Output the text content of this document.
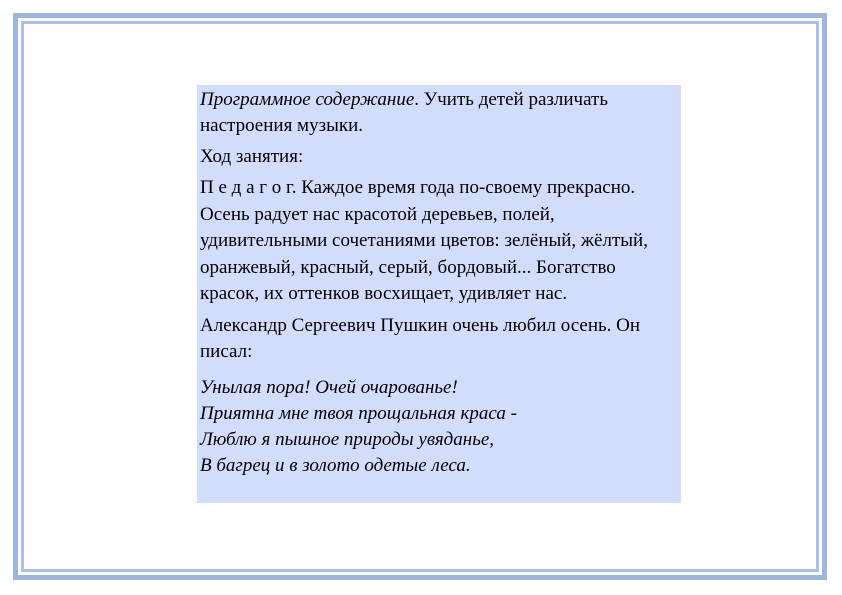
Программное содержание. Учить детей различать настроения музыки.

Ход занятия:

П е д а г о г. Каждое время года по-своему прекрасно. Осень радует нас красотой деревьев, полей, удивительными сочетаниями цветов: зелёный, жёлтый, оранжевый, красный, серый, бордовый... Богатство красок, их оттенков восхищает, удивляет нас.

Александр Сергеевич Пушкин очень любил осень. Он писал:

Унылая пора! Очей очарованье!
Приятна мне твоя прощальная краса -
Люблю я пышное природы увяданье,
В багрец и в золото одетые леса.
